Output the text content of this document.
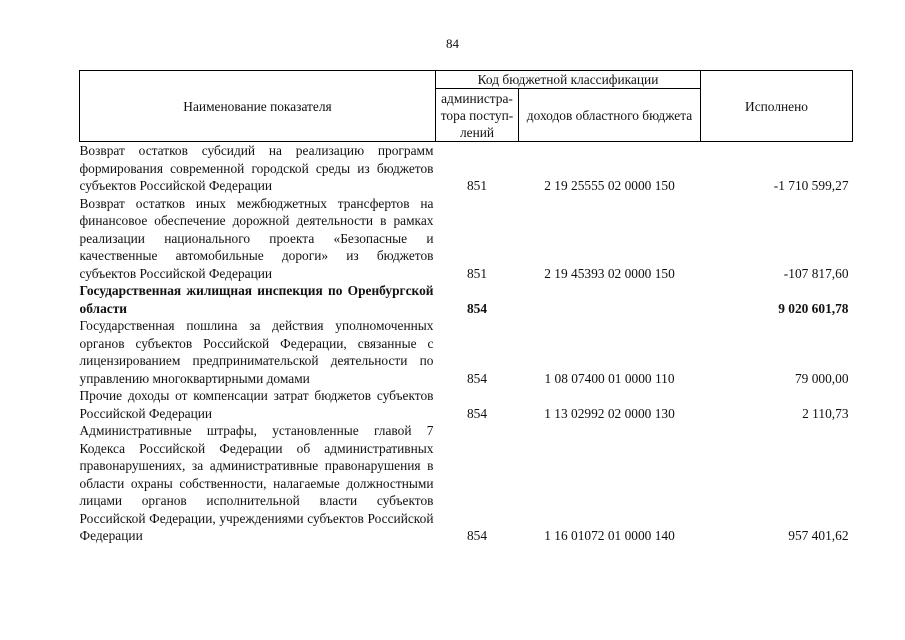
84
Наименование показателя	Код бюджетной классификации		Исполнено
	администра-тора поступ-лений	доходов областного бюджета	
Возврат остатков субсидий на реализацию программ формирования современной городской среды из бюджетов субъектов Российской Федерации	851	2 19 25555 02 0000 150	-1 710 599,27
Возврат остатков иных межбюджетных трансфертов на финансовое обеспечение дорожной деятельности в рамках реализации национального проекта «Безопасные и качественные автомобильные дороги» из бюджетов субъектов Российской Федерации	851	2 19 45393 02 0000 150	-107 817,60
Государственная жилищная инспекция по Оренбургской области	854		9 020 601,78
Государственная пошлина за действия уполномоченных органов субъектов Российской Федерации, связанные с лицензированием предпринимательской деятельности по управлению многоквартирными домами	854	1 08 07400 01 0000 110	79 000,00
Прочие доходы от компенсации затрат бюджетов субъектов Российской Федерации	854	1 13 02992 02 0000 130	2 110,73
Административные штрафы, установленные главой 7 Кодекса Российской Федерации об административных правонарушениях, за административные правонарушения в области охраны собственности, налагаемые должностными лицами органов исполнительной власти субъектов Российской Федерации, учреждениями субъектов Российской Федерации	854	1 16 01072 01 0000 140	957 401,62
